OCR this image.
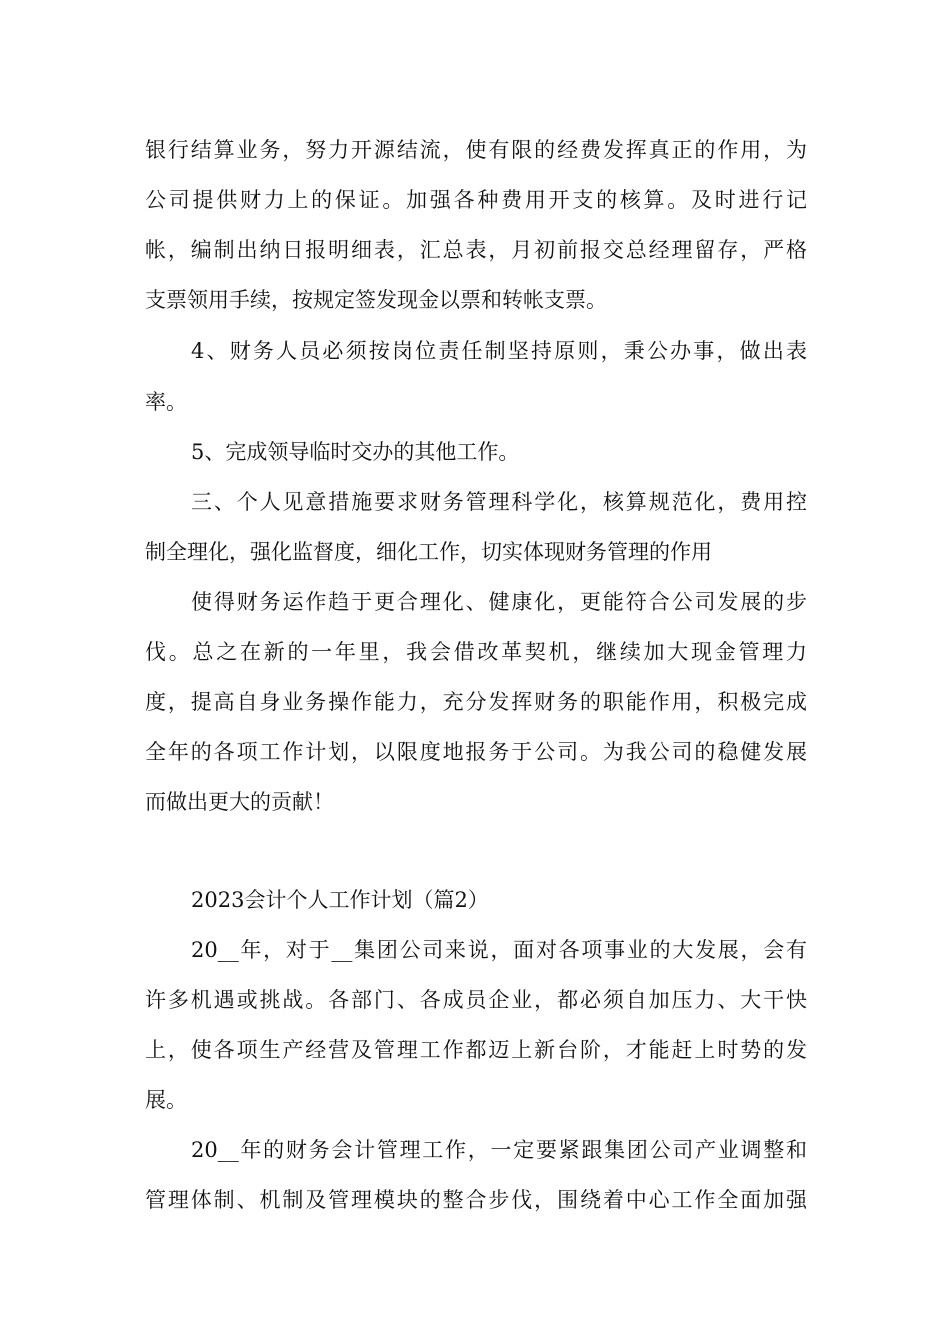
银行结算业务，努力开源结流，使有限的经费发挥真正的作用，为
公司提供财力上的保证。加强各种费用开支的核算。及时进行记
帐，编制出纳日报明细表，汇总表，月初前报交总经理留存，严格
支票领用手续，按规定签发现金以票和转帐支票。
4、财务人员必须按岗位责任制坚持原则，秉公办事，做出表
率。
5、完成领导临时交办的其他工作。
三、个人见意措施要求财务管理科学化，核算规范化，费用控
制全理化，强化监督度，细化工作，切实体现财务管理的作用
使得财务运作趋于更合理化、健康化，更能符合公司发展的步
伐。总之在新的一年里，我会借改革契机，继续加大现金管理力
度，提高自身业务操作能力，充分发挥财务的职能作用，积极完成
全年的各项工作计划，以限度地报务于公司。为我公司的稳健发展
而做出更大的贡献！
2023会计个人工作计划（篇2）
20__年，对于__集团公司来说，面对各项事业的大发展，会有
许多机遇或挑战。各部门、各成员企业，都必须自加压力、大干快
上，使各项生产经营及管理工作都迈上新台阶，才能赶上时势的发
展。
20__年的财务会计管理工作，一定要紧跟集团公司产业调整和
管理体制、机制及管理模块的整合步伐，围绕着中心工作全面加强
